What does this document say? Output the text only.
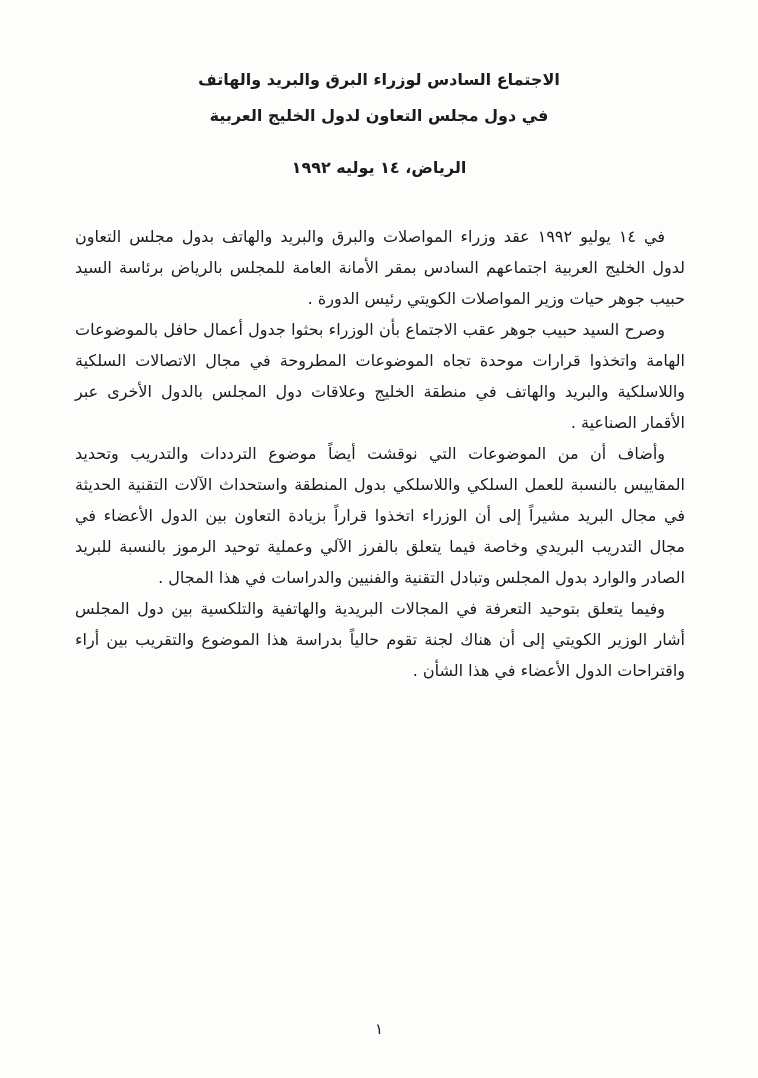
الاجتماع السادس لوزراء البرق والبريد والهاتف
في دول مجلس التعاون لدول الخليج العربية
الرياض، ١٤ يوليه ١٩٩٢

في ١٤ يوليو ١٩٩٢ عقد وزراء المواصلات والبرق والبريد والهاتف بدول مجلس التعاون لدول الخليج العربية اجتماعهم السادس بمقر الأمانة العامة للمجلس بالرياض برئاسة السيد حبيب جوهر حيات وزير المواصلات الكويتي رئيس الدورة .

وصرح السيد حبيب جوهر عقب الاجتماع بأن الوزراء بحثوا جدول أعمال حافل بالموضوعات الهامة واتخذوا قرارات موحدة تجاه الموضوعات المطروحة في مجال الاتصالات السلكية واللاسلكية والبريد والهاتف في منطقة الخليج وعلاقات دول المجلس بالدول الأخرى عبر الأقمار الصناعية .

وأضاف أن من الموضوعات التي نوقشت أيضاً موضوع الترددات والتدريب وتحديد المقاييس بالنسبة للعمل السلكي واللاسلكي بدول المنطقة واستحداث الآلات التقنية الحديثة في مجال البريد مشيراً إلى أن الوزراء اتخذوا قراراً بزيادة التعاون بين الدول الأعضاء في مجال التدريب البريدي وخاصة فيما يتعلق بالفرز الآلي وعملية توحيد الرموز بالنسبة للبريد الصادر والوارد بدول المجلس وتبادل التقنية والفنيين والدراسات في هذا المجال .

وفيما يتعلق بتوحيد التعرفة في المجالات البريدية والهاتفية والتلكسية بين دول المجلس أشار الوزير الكويتي إلى أن هناك لجنة تقوم حالياً بدراسة هذا الموضوع والتقريب بين أراء واقتراحات الدول الأعضاء في هذا الشأن .

١
